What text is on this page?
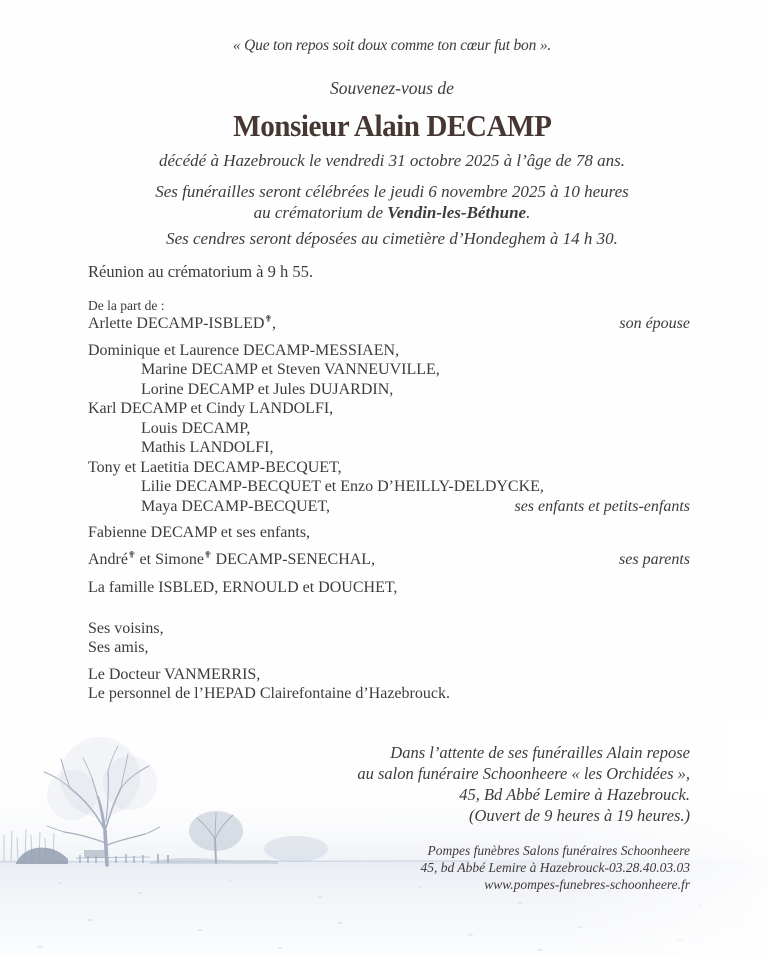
« Que ton repos soit doux comme ton cœur fut bon ».
Souvenez-vous de
Monsieur Alain DECAMP
décédé à Hazebrouck le vendredi 31 octobre 2025 à l’âge de 78 ans.
Ses funérailles seront célébrées le jeudi 6 novembre 2025 à 10 heures
au crématorium de Vendin-les-Béthune.
Ses cendres seront déposées au cimetière d’Hondeghem à 14 h 30.
Réunion au crématorium à 9 h 55.
De la part de :
Arlette DECAMP-ISBLED✟,	son épouse
Dominique et Laurence DECAMP-MESSIAEN,
Marine DECAMP et Steven VANNEUVILLE,
Lorine DECAMP et Jules DUJARDIN,
Karl DECAMP et Cindy LANDOLFI,
Louis DECAMP,
Mathis LANDOLFI,
Tony et Laetitia DECAMP-BECQUET,
Lilie DECAMP-BECQUET et Enzo D’HEILLY-DELDYCKE,
Maya DECAMP-BECQUET,	ses enfants et petits-enfants
Fabienne DECAMP et ses enfants,
André✟ et Simone✟ DECAMP-SENECHAL,	ses parents
La famille ISBLED, ERNOULD et DOUCHET,
Ses voisins,
Ses amis,
Le Docteur VANMERRIS,
Le personnel de l’HEPAD Clairefontaine d’Hazebrouck.
Dans l’attente de ses funérailles Alain repose
au salon funéraire Schoonheere « les Orchidées »,
45, Bd Abbé Lemire à Hazebrouck.
(Ouvert de 9 heures à 19 heures.)
Pompes funèbres Salons funéraires Schoonheere
45, bd Abbé Lemire à Hazebrouck-03.28.40.03.03
www.pompes-funebres-schoonheere.fr
